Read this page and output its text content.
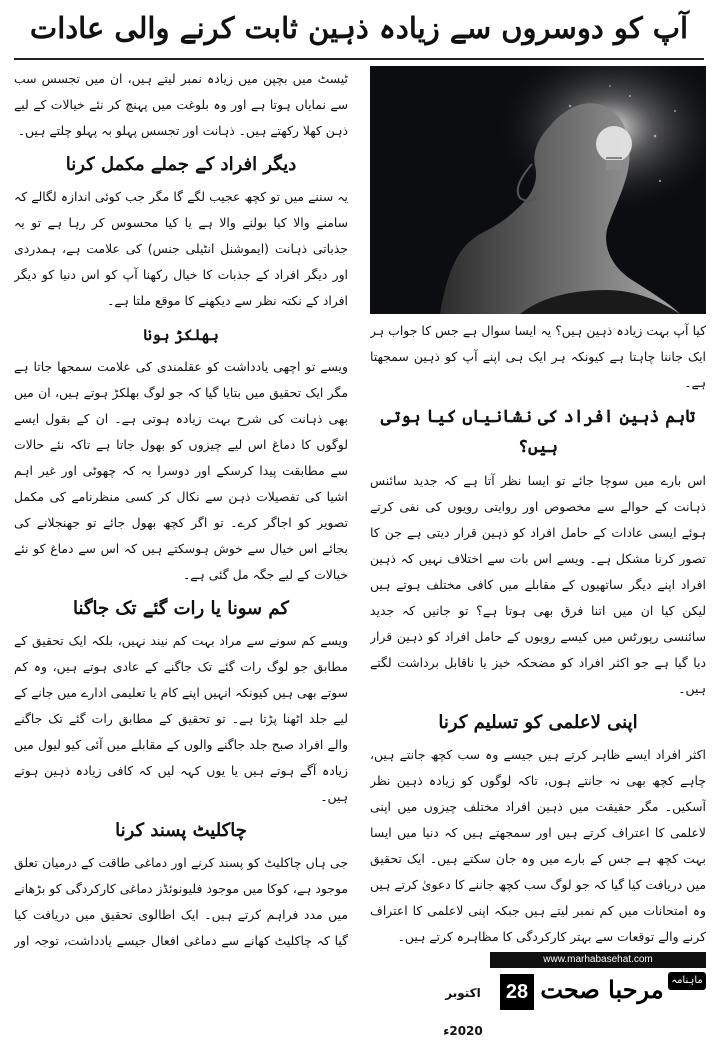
آپ کو دوسروں سے زیادہ ذہین ثابت کرنے والی عادات

کیا آپ بہت زیادہ ذہین ہیں؟ یہ ایسا سوال ہے جس کا جواب ہر ایک جاننا چاہتا ہے کیونکہ ہر ایک ہی اپنے آپ کو ذہین سمجھتا ہے۔

تاہم ذہین افراد کی نشانیاں کیا ہوتی ہیں؟

اس بارے میں سوچا جائے تو ایسا نظر آتا ہے کہ جدید سائنس ذہانت کے حوالے سے مخصوص اور روایتی رویوں کی نفی کرتے ہوئے ایسی عادات کے حامل افراد کو ذہین قرار دیتی ہے جن کا تصور کرنا مشکل ہے۔ ویسے اس بات سے اختلاف نہیں کہ ذہین افراد اپنے دیگر ساتھیوں کے مقابلے میں کافی مختلف ہوتے ہیں لیکن کیا ان میں اتنا فرق بھی ہوتا ہے؟ تو جانیں کہ جدید سائنسی رپورٹس میں کیسے رویوں کے حامل افراد کو ذہین قرار دیا گیا ہے جو اکثر افراد کو مضحکہ خیز یا ناقابل برداشت لگتے ہیں۔

اپنی لاعلمی کو تسلیم کرنا

اکثر افراد ایسے ظاہر کرتے ہیں جیسے وہ سب کچھ جانتے ہیں، چاہے کچھ بھی نہ جانتے ہوں، تاکہ لوگوں کو زیادہ ذہین نظر آسکیں۔ مگر حقیقت میں ذہین افراد مختلف چیزوں میں اپنی لاعلمی کا اعتراف کرتے ہیں اور سمجھتے ہیں کہ دنیا میں ایسا بہت کچھ ہے جس کے بارے میں وہ جان سکتے ہیں۔ ایک تحقیق میں دریافت کیا گیا کہ جو لوگ سب کچھ جاننے کا دعویٰ کرتے ہیں وہ امتحانات میں کم نمبر لیتے ہیں جبکہ اپنی لاعلمی کا اعتراف کرنے والے توقعات سے بہتر کارکردگی کا مظاہرہ کرتے ہیں۔

ٹیسٹ میں بچپن میں زیادہ نمبر لیتے ہیں، ان میں تجسس سب سے نمایاں ہوتا ہے اور وہ بلوغت میں پہنچ کر نئے خیالات کے لیے ذہن کھلا رکھتے ہیں۔ ذہانت اور تجسس پہلو بہ پہلو چلتے ہیں۔

دیگر افراد کے جملے مکمل کرنا

یہ سننے میں تو کچھ عجیب لگے گا مگر جب کوئی اندازہ لگالے کہ سامنے والا کیا بولنے والا ہے یا کیا محسوس کر رہا ہے تو یہ جذباتی ذہانت (ایموشنل انٹیلی جنس) کی علامت ہے، ہمدردی اور دیگر افراد کے جذبات کا خیال رکھنا آپ کو اس دنیا کو دیگر افراد کے نکتہ نظر سے دیکھنے کا موقع ملتا ہے۔

بھلکڑ ہونا

ویسے تو اچھی یادداشت کو عقلمندی کی علامت سمجھا جاتا ہے مگر ایک تحقیق میں بتایا گیا کہ جو لوگ بھلکڑ ہوتے ہیں، ان میں بھی ذہانت کی شرح بہت زیادہ ہوتی ہے۔ ان کے بقول ایسے لوگوں کا دماغ اس لیے چیزوں کو بھول جاتا ہے تاکہ نئے حالات سے مطابقت پیدا کرسکے اور دوسرا یہ کہ چھوٹی اور غیر اہم اشیا کی تفصیلات ذہن سے نکال کر کسی منظرنامے کی مکمل تصویر کو اجاگر کرے۔ تو اگر کچھ بھول جائے تو جھنجلانے کی بجائے اس خیال سے خوش ہوسکتے ہیں کہ اس سے دماغ کو نئے خیالات کے لیے جگہ مل گئی ہے۔

کم سونا یا رات گئے تک جاگنا

ویسے کم سونے سے مراد بہت کم نیند نہیں، بلکہ ایک تحقیق کے مطابق جو لوگ رات گئے تک جاگنے کے عادی ہوتے ہیں، وہ کم سوتے بھی ہیں کیونکہ انہیں اپنے کام یا تعلیمی ادارے میں جانے کے لیے جلد اٹھنا پڑتا ہے۔ تو تحقیق کے مطابق رات گئے تک جاگنے والے افراد صبح جلد جاگنے والوں کے مقابلے میں آئی کیو لیول میں زیادہ آگے ہوتے ہیں یا یوں کہہ لیں کہ کافی زیادہ ذہین ہوتے ہیں۔

چاکلیٹ پسند کرنا

جی ہاں چاکلیٹ کو پسند کرنے اور دماغی طاقت کے درمیان تعلق موجود ہے، کوکا میں موجود فلیونوئڈز دماغی کارکردگی کو بڑھانے میں مدد فراہم کرتے ہیں۔ ایک اطالوی تحقیق میں دریافت کیا گیا کہ چاکلیٹ کھانے سے دماغی افعال جیسے یادداشت، توجہ اور

www.marhabasehat.com
اکتوبر 2020ء
28 مرحبا صحت ماہنامہ
